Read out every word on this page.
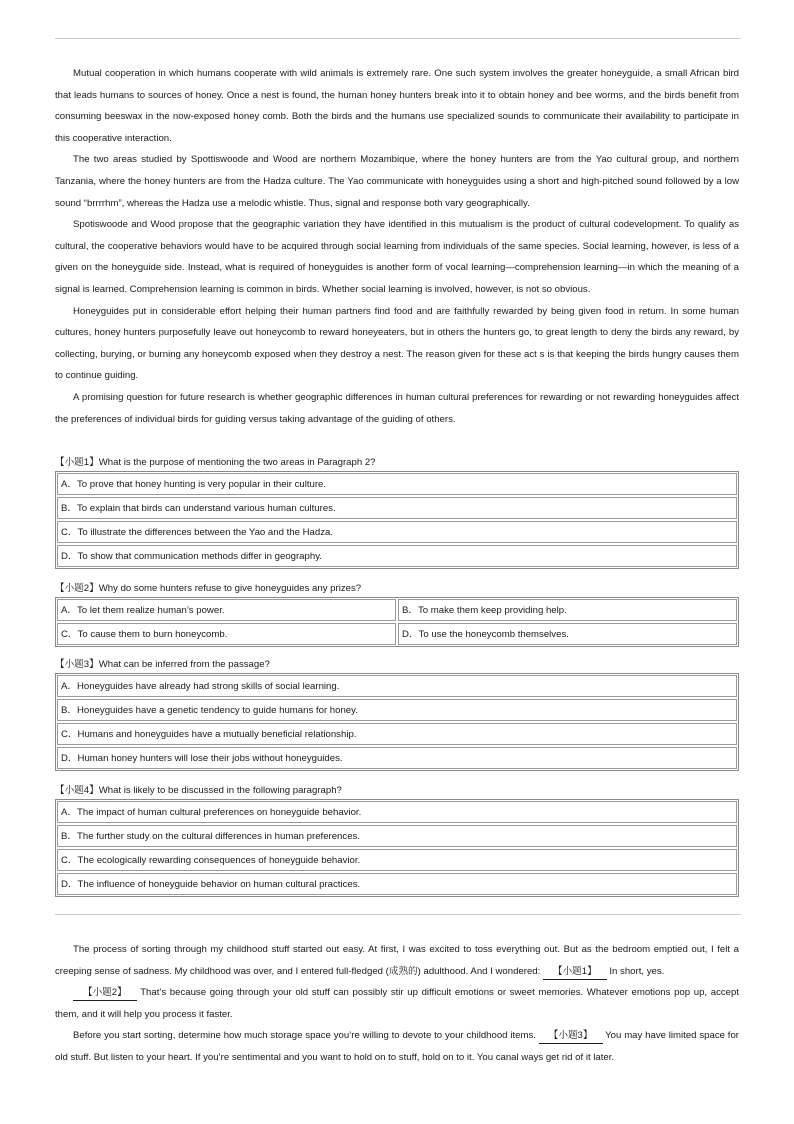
Mutual cooperation in which humans cooperate with wild animals is extremely rare. One such system involves the greater honeyguide, a small African bird that leads humans to sources of honey. Once a nest is found, the human honey hunters break into it to obtain honey and bee worms, and the birds benefit from consuming beeswax in the now-exposed honey comb. Both the birds and the humans use specialized sounds to communicate their availability to participate in this cooperative interaction.

The two areas studied by Spottiswoode and Wood are northern Mozambique, where the honey hunters are from the Yao cultural group, and northern Tanzania, where the honey hunters are from the Hadza culture. The Yao communicate with honeyguides using a short and high-pitched sound followed by a low sound “brrrrhm”, whereas the Hadza use a melodic whistle. Thus, signal and response both vary geographically.

Spotiswoode and Wood propose that the geographic variation they have identified in this mutualism is the product of cultural codevelopment. To qualify as cultural, the cooperative behaviors would have to be acquired through social learning from individuals of the same species. Social learning, however, is less of a given on the honeyguide side. Instead, what is required of honeyguides is another form of vocal learning—comprehension learning—in which the meaning of a signal is learned. Comprehension learning is common in birds. Whether social learning is involved, however, is not so obvious.

Honeyguides put in considerable effort helping their human partners find food and are faithfully rewarded by being given food in return. In some human cultures, honey hunters purposefully leave out honeycomb to reward honeyeaters, but in others the hunters go, to great length to deny the birds any reward, by collecting, burying, or burning any honeycomb exposed when they destroy a nest. The reason given for these act s is that keeping the birds hungry causes them to continue guiding.

A promising question for future research is whether geographic differences in human cultural preferences for rewarding or not rewarding honeyguides affect the preferences of individual birds for guiding versus taking advantage of the guiding of others.

【小题1】What is the purpose of mentioning the two areas in Paragraph 2?
A．To prove that honey hunting is very popular in their culture.
B．To explain that birds can understand various human cultures.
C．To illustrate the differences between the Yao and the Hadza.
D．To show that communication methods differ in geography.
【小题2】Why do some hunters refuse to give honeyguides any prizes?
A．To let them realize human’s power.	B．To make them keep providing help.
C．To cause them to burn honeycomb.	D．To use the honeycomb themselves.
【小题3】What can be inferred from the passage?
A．Honeyguides have already had strong skills of social learning.
B．Honeyguides have a genetic tendency to guide humans for honey.
C．Humans and honeyguides have a mutually beneficial relationship.
D．Human honey hunters will lose their jobs without honeyguides.
【小题4】What is likely to be discussed in the following paragraph?
A．The impact of human cultural preferences on honeyguide behavior.
B．The further study on the cultural differences in human preferences.
C．The ecologically rewarding consequences of honeyguide behavior.
D．The influence of honeyguide behavior on human cultural practices.

The process of sorting through my childhood stuff started out easy. At first, I was excited to toss everything out. But as the bedroom emptied out, I felt a creeping sense of sadness. My childhood was over, and I entered full-fledged (成熟的) adulthood. And I wondered: 【小题1】 In short, yes.

【小题2】 That’s because going through your old stuff can possibly stir up difficult emotions or sweet memories. Whatever emotions pop up, accept them, and it will help you process it faster.

Before you start sorting, determine how much storage space you’re willing to devote to your childhood items. 【小题3】 You may have limited space for old stuff. But listen to your heart. If you’re sentimental and you want to hold on to stuff, hold on to it. You canal ways get rid of it later.
